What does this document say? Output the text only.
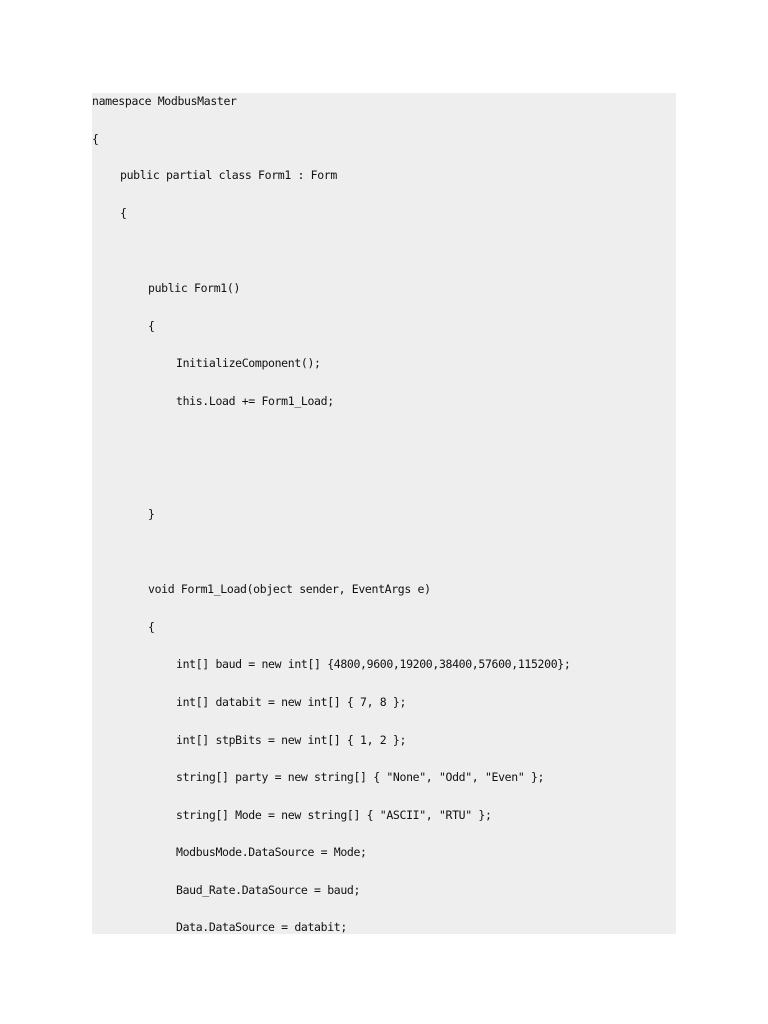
namespace ModbusMaster
{
public partial class Form1 : Form
{
public Form1()
{
InitializeComponent();
this.Load += Form1_Load;
}
void Form1_Load(object sender, EventArgs e)
{
int[] baud = new int[] {4800,9600,19200,38400,57600,115200};
int[] databit = new int[] { 7, 8 };
int[] stpBits = new int[] { 1, 2 };
string[] party = new string[] { "None", "Odd", "Even" };
string[] Mode = new string[] { "ASCII", "RTU" };
ModbusMode.DataSource = Mode;
Baud_Rate.DataSource = baud;
Data.DataSource = databit;
